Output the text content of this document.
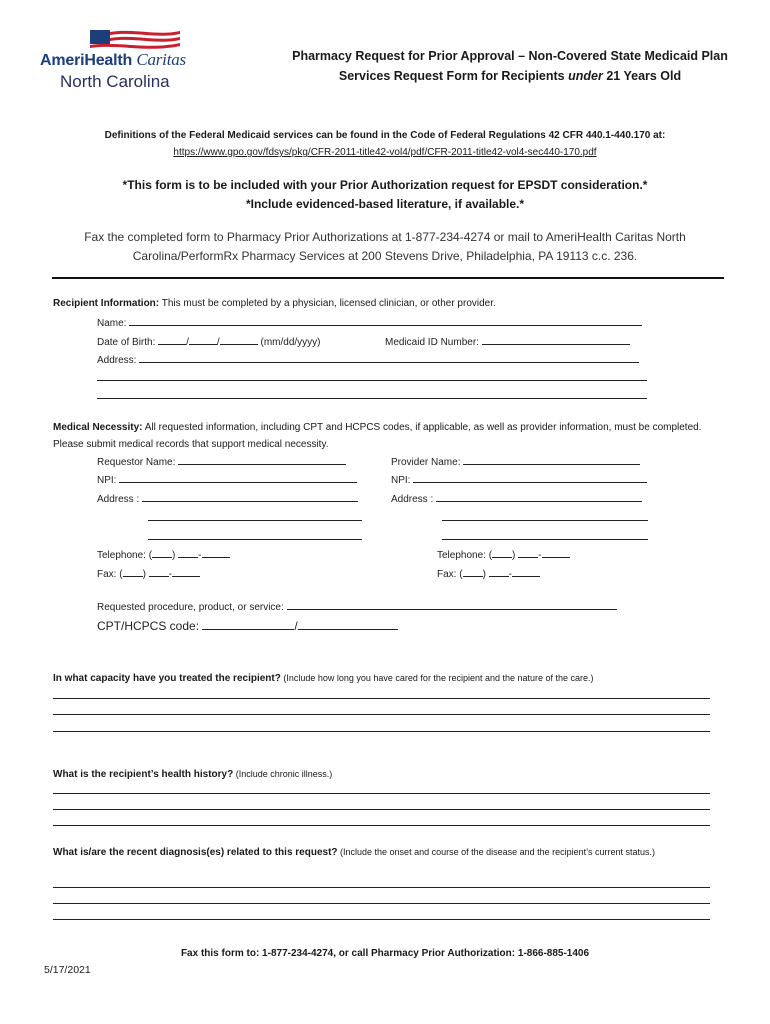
AmeriHealth Caritas
North Carolina
Pharmacy Request for Prior Approval – Non-Covered State Medicaid Plan
Services Request Form for Recipients under 21 Years Old
Definitions of the Federal Medicaid services can be found in the Code of Federal Regulations 42 CFR 440.1-440.170 at:
https://www.gpo.gov/fdsys/pkg/CFR-2011-title42-vol4/pdf/CFR-2011-title42-vol4-sec440-170.pdf
*This form is to be included with your Prior Authorization request for EPSDT consideration.*
*Include evidenced-based literature, if available.*
Fax the completed form to Pharmacy Prior Authorizations at 1-877-234-4274 or mail to AmeriHealth Caritas North
Carolina/PerformRx Pharmacy Services at 200 Stevens Drive, Philadelphia, PA 19113 c.c. 236.
Recipient Information: This must be completed by a physician, licensed clinician, or other provider.
Name:
Date of Birth:	/	/	(mm/dd/yyyy)	Medicaid ID Number:
Address:
Medical Necessity: All requested information, including CPT and HCPCS codes, if applicable, as well as provider information, must be completed. Please submit medical records that support medical necessity.
Requestor Name:	Provider Name:
NPI:	NPI:
Address :	Address :
Telephone: ( ) -	Telephone: ( ) -
Fax: ( ) -	Fax: ( ) -
Requested procedure, product, or service:
CPT/HCPCS code:	/
In what capacity have you treated the recipient? (Include how long you have cared for the recipient and the nature of the care.)
What is the recipient’s health history? (Include chronic illness.)
What is/are the recent diagnosis(es) related to this request? (Include the onset and course of the disease and the recipient’s current status.)
Fax this form to: 1-877-234-4274, or call Pharmacy Prior Authorization: 1-866-885-1406
5/17/2021
